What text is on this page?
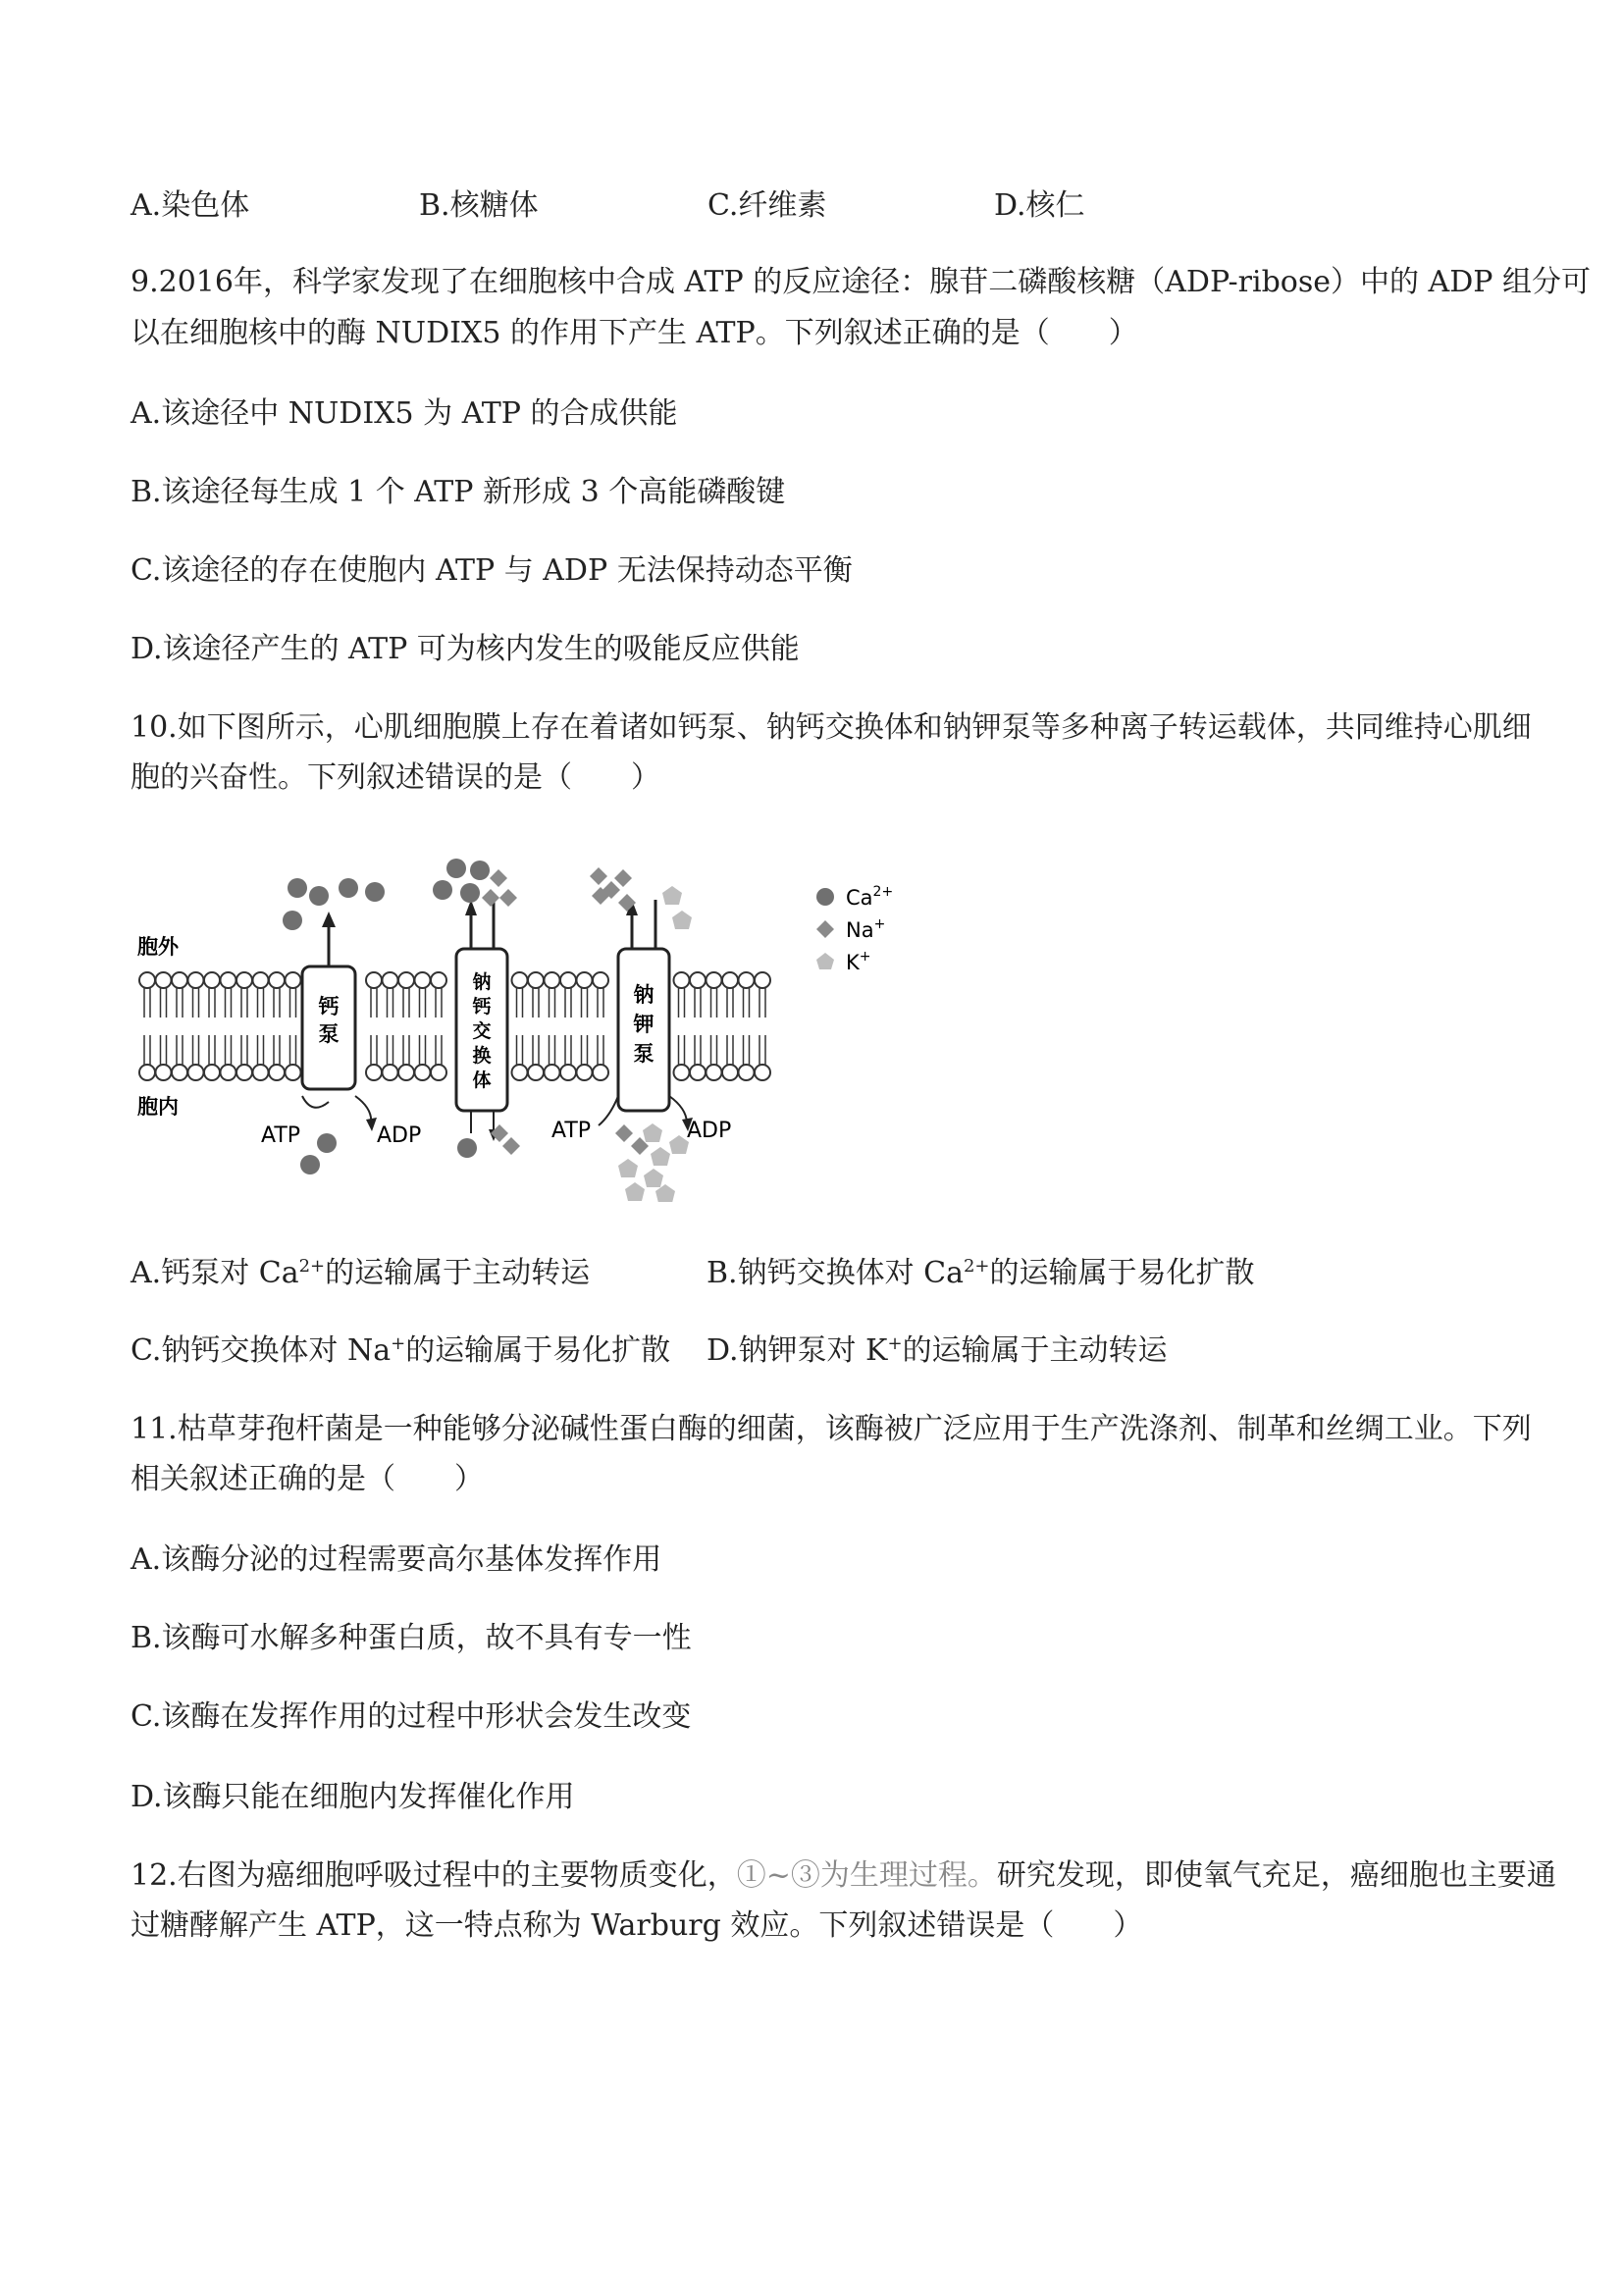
A.染色体	B.核糖体	C.纤维素	D.核仁
9.2016年，科学家发现了在细胞核中合成 ATP 的反应途径：腺苷二磷酸核糖（ADP-ribose）中的 ADP 组分可
以在细胞核中的酶 NUDIX5 的作用下产生 ATP。下列叙述正确的是（　　）
A.该途径中 NUDIX5 为 ATP 的合成供能
B.该途径每生成 1 个 ATP 新形成 3 个高能磷酸键
C.该途径的存在使胞内 ATP 与 ADP 无法保持动态平衡
D.该途径产生的 ATP 可为核内发生的吸能反应供能
10.如下图所示，心肌细胞膜上存在着诸如钙泵、钠钙交换体和钠钾泵等多种离子转运载体，共同维持心肌细
胞的兴奋性。下列叙述错误的是（　　）
钙
泵
钠
钙
交
换
体
钠
钾
泵
胞外
胞内
ATP	ADP	ATP	ADP
$Ca^{2+}$
Na+
K+
A.钙泵对 $Ca^{2+}$的运输属于主动转运	B.钠钙交换体对 $Ca^{2+}$的运输属于易化扩散
C.钠钙交换体对 Na+的运输属于易化扩散 D.钠钾泵对 K+的运输属于主动转运
11.枯草芽孢杆菌是一种能够分泌碱性蛋白酶的细菌，该酶被广泛应用于生产洗涤剂、制革和丝绸工业。下列
相关叙述正确的是（　　）
A.该酶分泌的过程需要高尔基体发挥作用
B.该酶可水解多种蛋白质，故不具有专一性
C.该酶在发挥作用的过程中形状会发生改变
D.该酶只能在细胞内发挥催化作用
12.右图为癌细胞呼吸过程中的主要物质变化，①~③为生理过程。研究发现，即使氧气充足，癌细胞也主要通
过糖酵解产生 ATP，这一特点称为 Warburg 效应。下列叙述错误是（　　）
